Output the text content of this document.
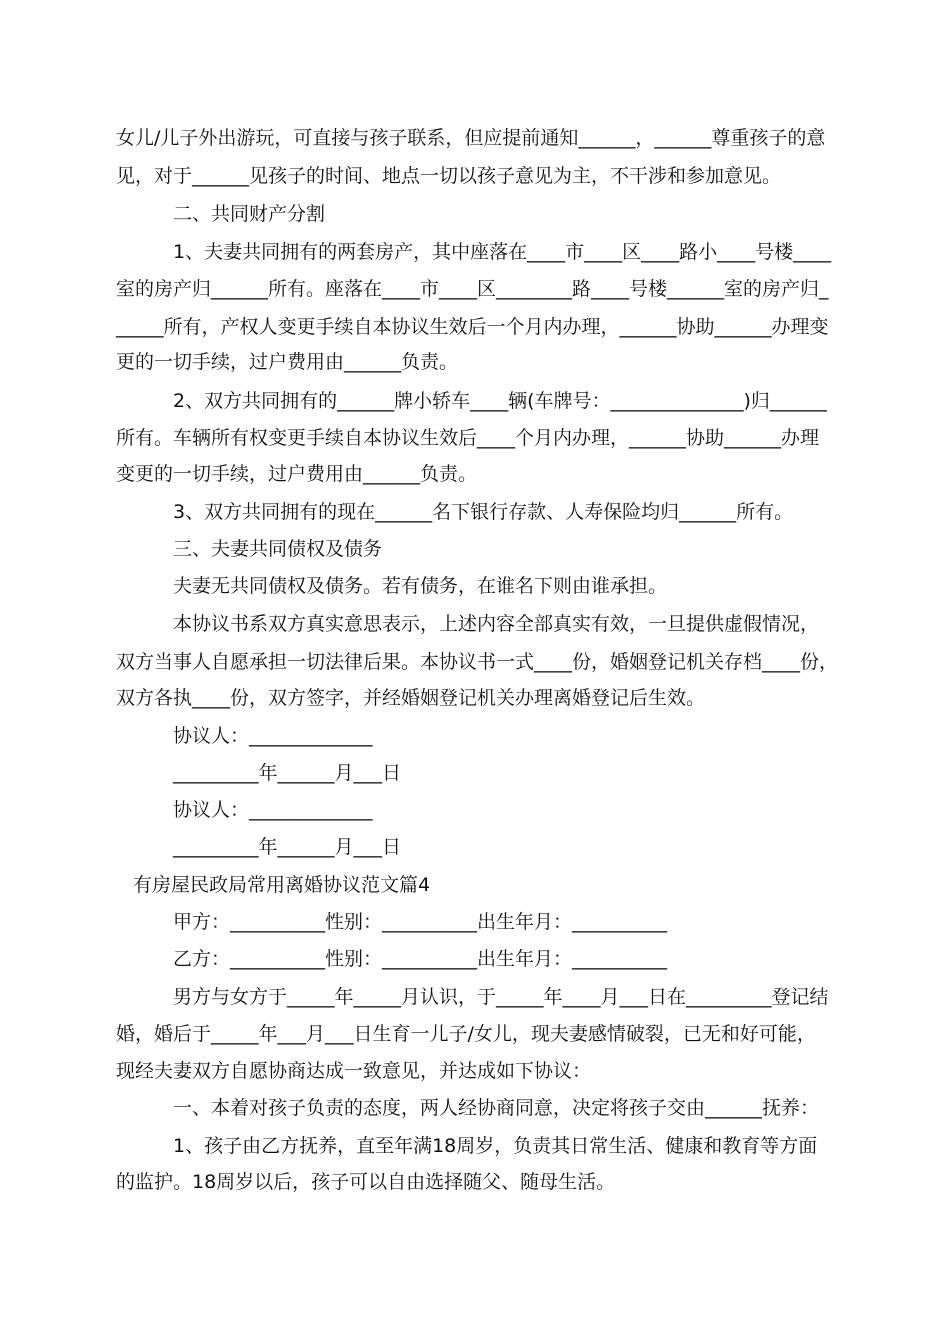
女儿/儿子外出游玩，可直接与孩子联系，但应提前通知______，______尊重孩子的意
见，对于______见孩子的时间、地点一切以孩子意见为主，不干涉和参加意见。
二、共同财产分割
1、夫妻共同拥有的两套房产，其中座落在____市____区____路小____号楼____
室的房产归______所有。座落在____市____区________路____号楼______室的房产归_
_____所有，产权人变更手续自本协议生效后一个月内办理，______协助______办理变
更的一切手续，过户费用由______负责。
2、双方共同拥有的______牌小轿车____辆(车牌号：______________)归______
所有。车辆所有权变更手续自本协议生效后____个月内办理，______协助______办理
变更的一切手续，过户费用由______负责。
3、双方共同拥有的现在______名下银行存款、人寿保险均归______所有。
三、夫妻共同债权及债务
夫妻无共同债权及债务。若有债务，在谁名下则由谁承担。
本协议书系双方真实意思表示，上述内容全部真实有效，一旦提供虚假情况，
双方当事人自愿承担一切法律后果。本协议书一式____份，婚姻登记机关存档____份，
双方各执____份，双方签字，并经婚姻登记机关办理离婚登记后生效。
协议人：_____________
_________年______月___日
协议人：_____________
_________年______月___日
有房屋民政局常用离婚协议范文篇4
甲方：__________性别：__________出生年月：__________
乙方：__________性别：__________出生年月：__________
男方与女方于_____年_____月认识，于_____年____月___日在_________登记结
婚，婚后于_____年___月___日生育一儿子/女儿，现夫妻感情破裂，已无和好可能，
现经夫妻双方自愿协商达成一致意见，并达成如下协议：
一、本着对孩子负责的态度，两人经协商同意，决定将孩子交由______抚养：
1、孩子由乙方抚养，直至年满18周岁，负责其日常生活、健康和教育等方面
的监护。18周岁以后，孩子可以自由选择随父、随母生活。
